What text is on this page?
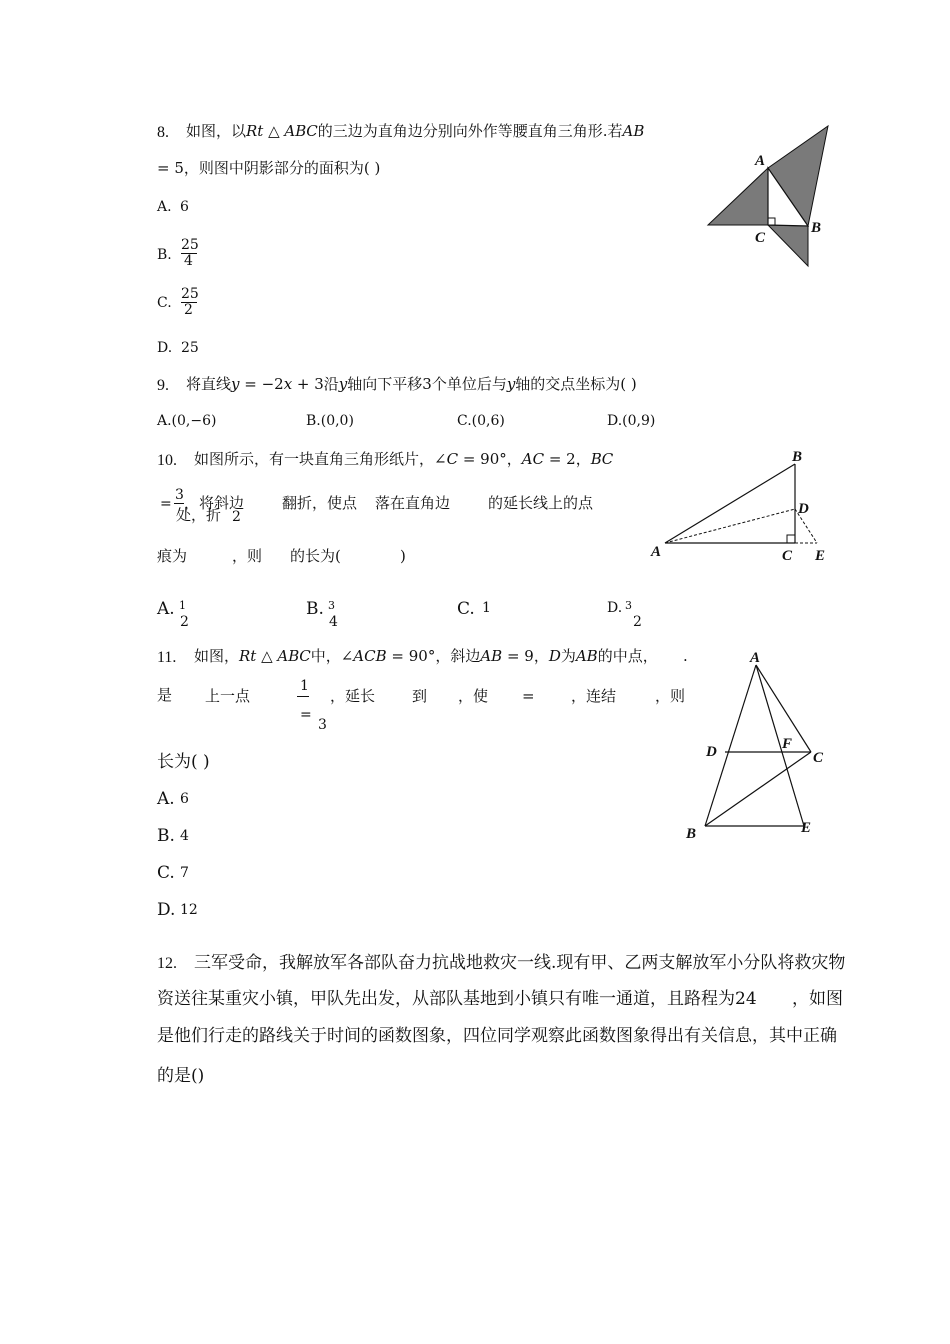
8. 如图，以𝑅𝑡 △ 𝐴𝐵𝐶的三边为直角边分别向外作等腰直角三角形.若𝐴𝐵
= 5，则图中阴影部分的面积为( )
A. 6
B.
25
4
C.
25
2
D. 25
A
B
C
9. 将直线𝑦 = −2𝑥 + 3沿𝑦轴向下平移3个单位后与𝑦轴的交点坐标为( )
A.(0,−6)	B.(0,0)	C.(0,6)	D.(0,9)
10. 如图所示，有一块直角三角形纸片，∠𝐶 = 90°，𝐴𝐶 = 2，𝐵𝐶
=
3
处，折 2
，将斜边	翻折，使点 落在直角边	的延长线上的点
痕为	，则 的长为(	)
A. 1
2
B. 3
4
C. 1	D. 3
2
A
B
C
D
E
11. 如图，𝑅𝑡 △ 𝐴𝐵𝐶中，∠𝐴𝐶𝐵 = 90°，斜边𝐴𝐵 = 9，𝐷为𝐴𝐵的中点， .
是 上一点
1
=
3
，延长 到 ，使 = ，连结	，则
长为( )
A. 6
B. 4
C. 7
D. 12
A
B
C
D
E
F
12. 三军受命，我解放军各部队奋力抗战地救灾一线.现有甲、乙两支解放军小分队将救灾物
资送往某重灾小镇，甲队先出发，从部队基地到小镇只有唯一通道，且路程为24 ，如图
是他们行走的路线关于时间的函数图象，四位同学观察此函数图象得出有关信息，其中正确
的是()
